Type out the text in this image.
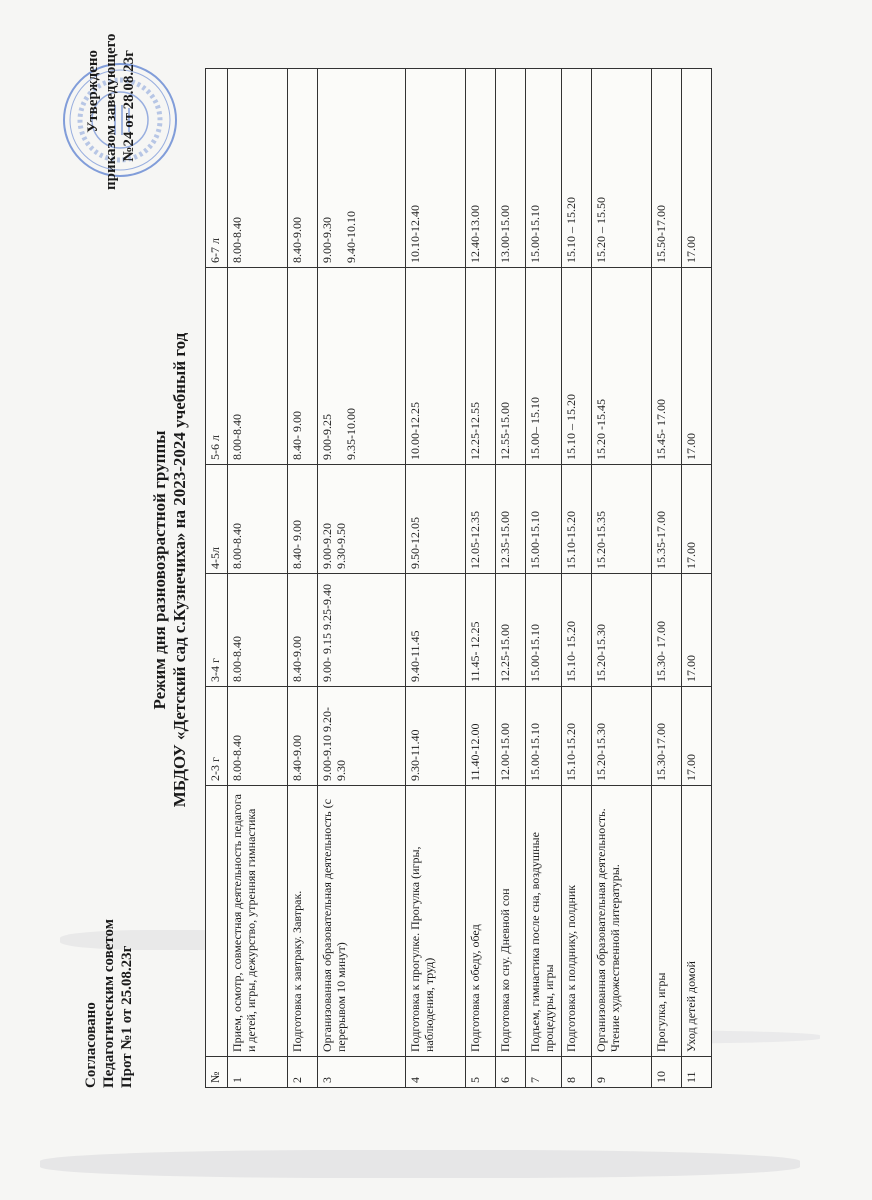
Согласовано Педагогическим советом Прот №1 от 25.08.23г
Утверждено приказом заведующего №24 от 28.08.23г
Режим дня разновозрастной группы МБДОУ «Детский сад с.Кузнечиха» на 2023-2024 учебный год
№		2-3 г	3-4 г	4-5л	5-6 л	6-7 л
1	Прием, осмотр, совместная деятельность педагога и детей, игры, дежурство, утренняя гимнастика	8.00-8.40	8.00-8.40	8.00-8.40	8.00-8.40	8.00-8.40

2	Подготовка к завтраку. Завтрак.	8.40-9.00	8.40-9.00	8.40- 9.00	8.40- 9.00	8.40-9.00

3	Организованная образовательная деятельность (с перерывом 10 минут)	9.00-9.10 9.20-9.30	9.00- 9.15 9.25-9.40	9.00-9.20 9.30-9.50	9.00-9.25 9.35-10.00	9.00-9.30 9.40-10.10

4	Подготовка к прогулке. Прогулка (игры, наблюдения, труд)	9.30-11.40	9.40-11.45	9.50-12.05	10.00-12.25	10.10-12.40

5	Подготовка к обеду, обед	11.40-12.00	11.45- 12.25	12.05-12.35	12.25-12.55	12.40-13.00

6	Подготовка ко сну. Дневной сон	12.00-15.00	12.25-15.00	12.35-15.00	12.55-15.00	13.00-15.00

7	Подъем, гимнастика после сна, воздушные процедуры, игры	15.00-15.10	15.00-15.10	15.00-15.10	15.00– 15.10	15.00-15.10

8	Подготовка к полднику, полдник	15.10-15.20	15.10- 15.20	15.10-15.20	15.10 – 15.20	15.10 – 15.20

9	Организованная образовательная деятельность. Чтение художественной литературы.	15.20-15.30	15.20-15.30	15.20-15.35	15.20 -15.45	15.20 – 15.50

10	Прогулка, игры	15.30-17.00	15.30- 17.00	15.35-17.00	15.45- 17.00	15.50-17.00

11	Уход детей домой	17.00	17.00	17.00	17.00	17.00
